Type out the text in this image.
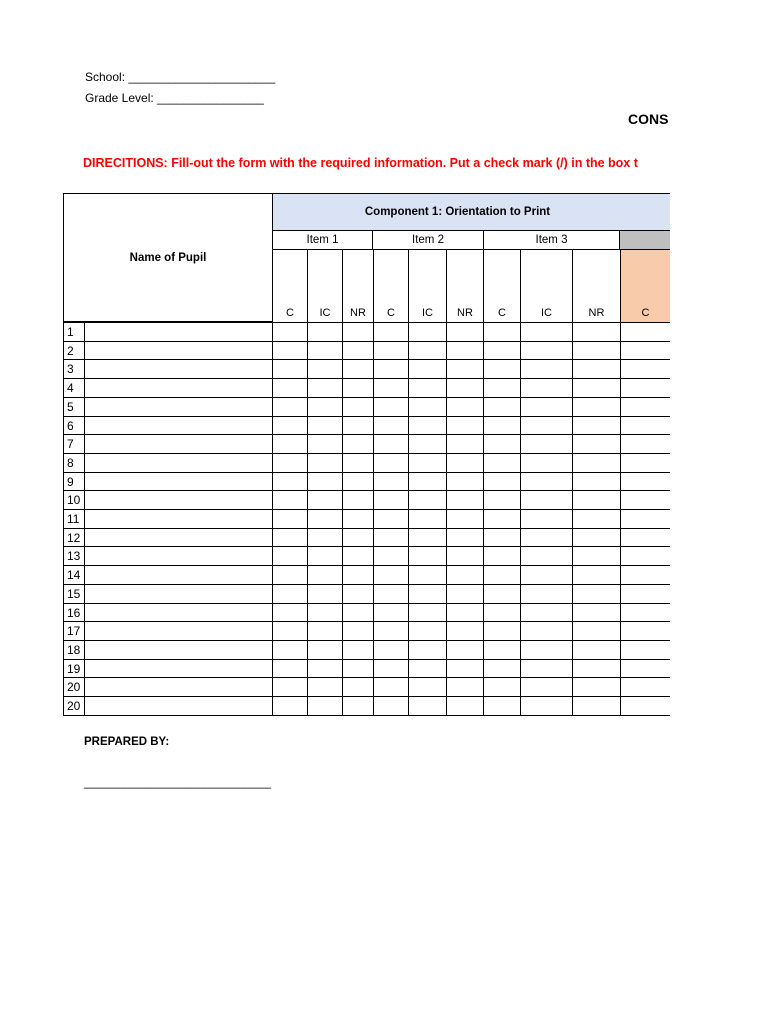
School: ______________________
Grade Level: ________________
CONS
DIRECITIONS: Fill-out the form with the required information. Put a check mark (/) in the box t
Name of Pupil
Component 1: Orientation to Print
Item 1	Item 2	Item 3
C	IC	NR	C	IC	NR	C	IC	NR	C
1
2
3
4
5
6
7
8
9
10
11
12
13
14
15
16
17
18
19
20
20
PREPARED BY:
____________________________
